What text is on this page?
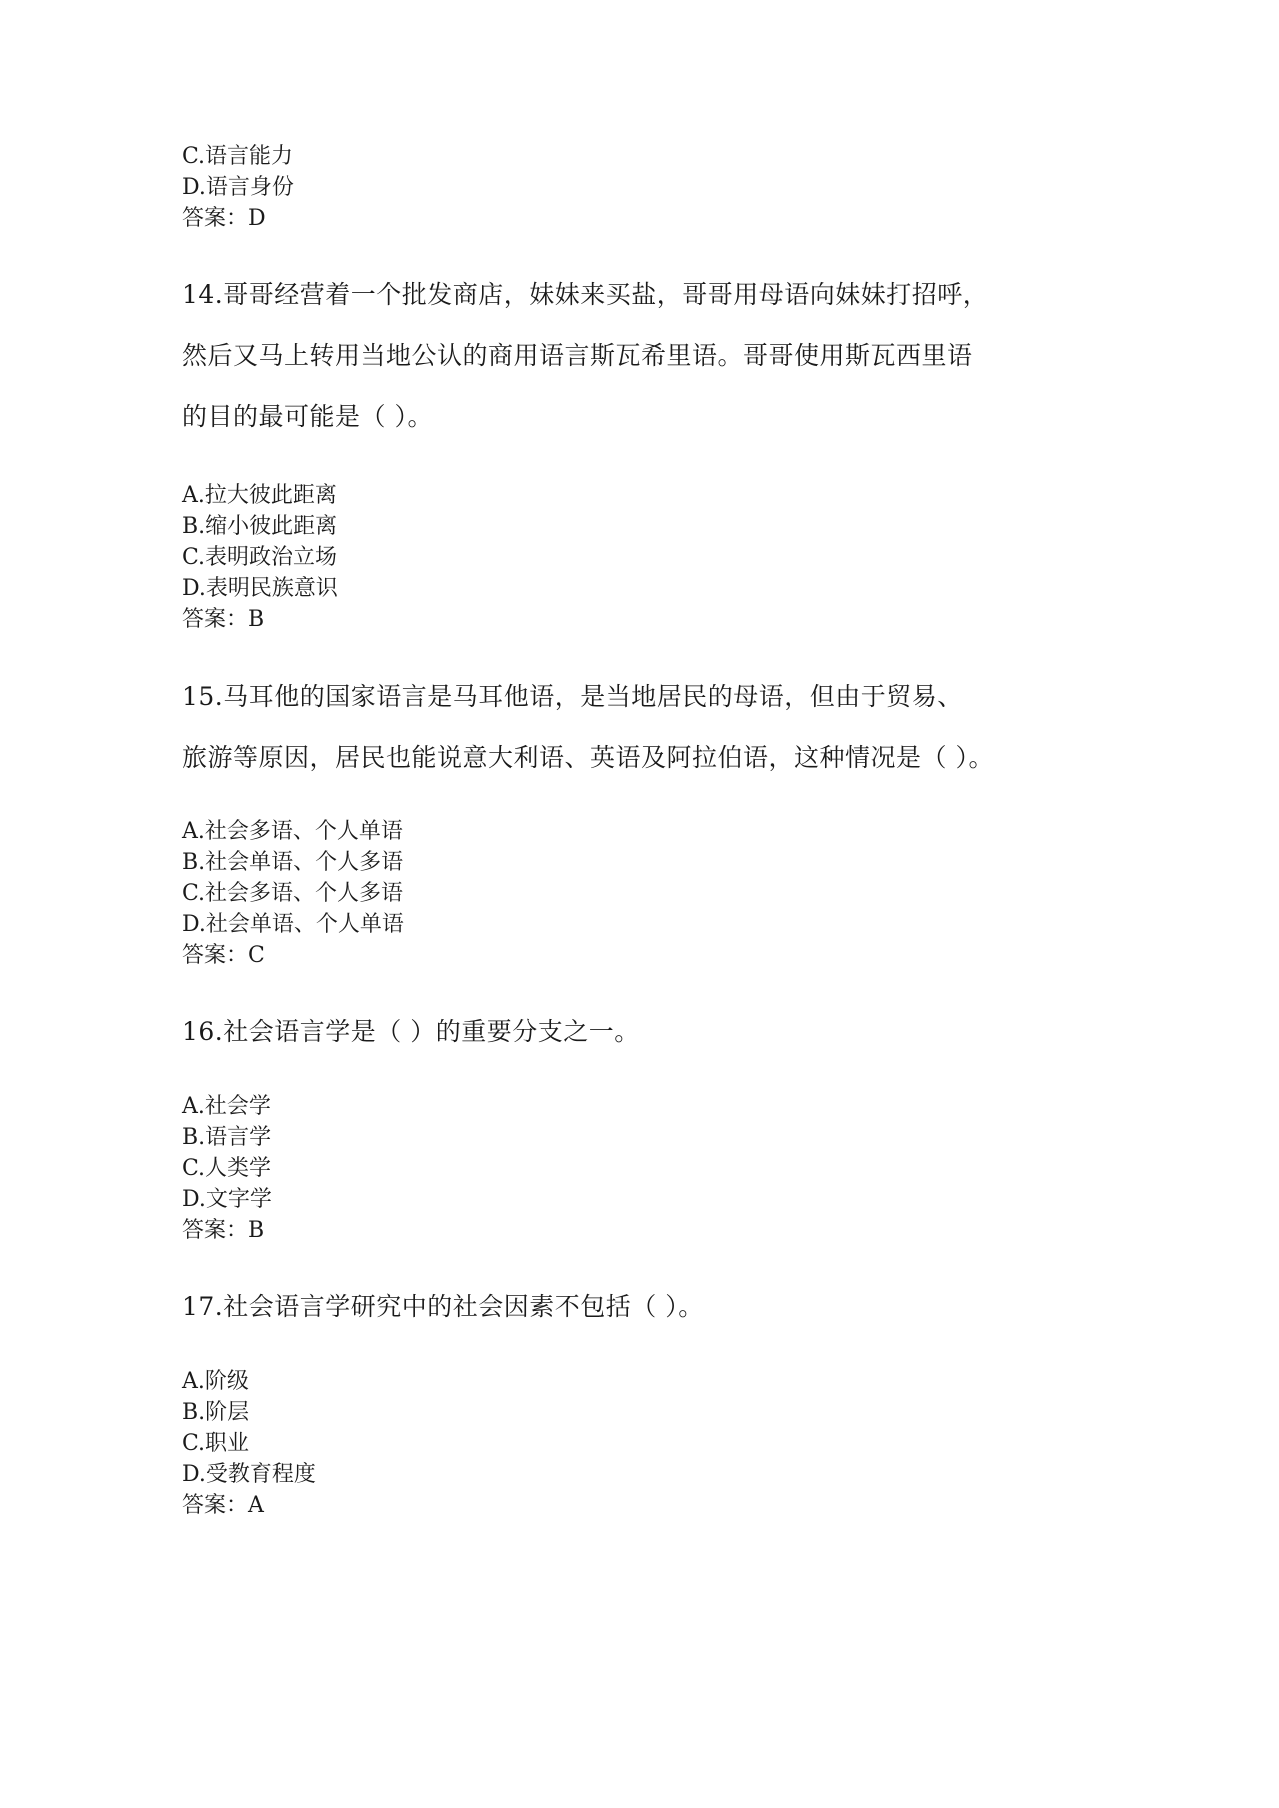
C.语言能力
D.语言身份
答案：D
14.哥哥经营着一个批发商店，妹妹来买盐，哥哥用母语向妹妹打招呼，
然后又马上转用当地公认的商用语言斯瓦希里语。哥哥使用斯瓦西里语
的目的最可能是（ ）。
A.拉大彼此距离
B.缩小彼此距离
C.表明政治立场
D.表明民族意识
答案：B
15.马耳他的国家语言是马耳他语，是当地居民的母语，但由于贸易、
旅游等原因，居民也能说意大利语、英语及阿拉伯语，这种情况是（ ）。
A.社会多语、个人单语
B.社会单语、个人多语
C.社会多语、个人多语
D.社会单语、个人单语
答案：C
16.社会语言学是（ ）的重要分支之一。
A.社会学
B.语言学
C.人类学
D.文字学
答案：B
17.社会语言学研究中的社会因素不包括（ ）。
A.阶级
B.阶层
C.职业
D.受教育程度
答案：A
